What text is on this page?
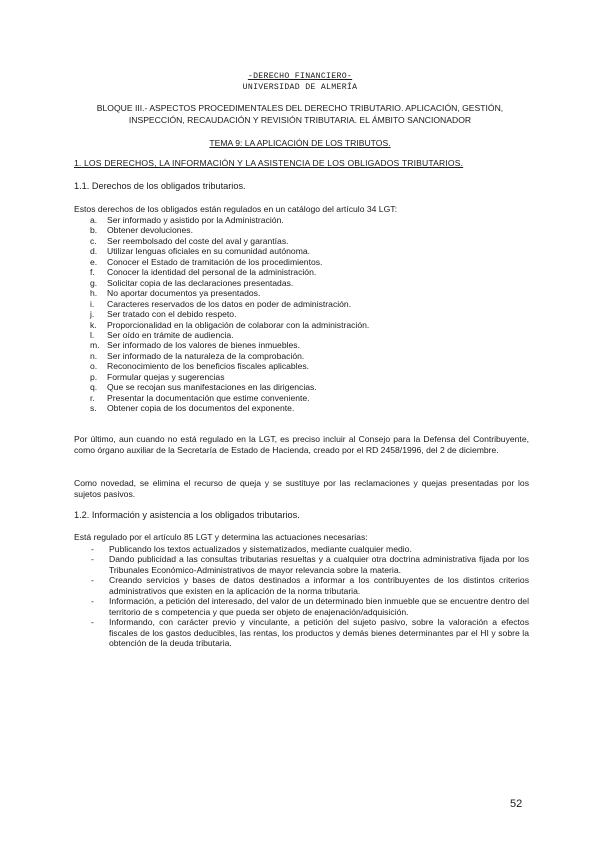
-DERECHO FINANCIERO-
UNIVERSIDAD DE ALMERÍA
BLOQUE III.- ASPECTOS PROCEDIMENTALES DEL DERECHO TRIBUTARIO. APLICACIÓN, GESTIÓN,
INSPECCIÓN, RECAUDACIÓN Y REVISIÓN TRIBUTARIA. EL ÁMBITO SANCIONADOR
TEMA 9: LA APLICACIÓN DE LOS TRIBUTOS.
1. LOS DERECHOS, LA INFORMACIÓN Y LA ASISTENCIA DE LOS OBLIGADOS TRIBUTARIOS.
1.1. Derechos de los obligados tributarios.
Estos derechos de los obligados están regulados en un catálogo del artículo 34 LGT:
a. Ser informado y asistido por la Administración.
b. Obtener devoluciones.
c. Ser reembolsado del coste del aval y garantías.
d. Utilizar lenguas oficiales en su comunidad autónoma.
e. Conocer el Estado de tramitación de los procedimientos.
f. Conocer la identidad del personal de la administración.
g. Solicitar copia de las declaraciones presentadas.
h. No aportar documentos ya presentados.
i. Caracteres reservados de los datos en poder de administración.
j. Ser tratado con el debido respeto.
k. Proporcionalidad en la obligación de colaborar con la administración.
l. Ser oído en trámite de audiencia.
m. Ser informado de los valores de bienes inmuebles.
n. Ser informado de la naturaleza de la comprobación.
o. Reconocimiento de los beneficios fiscales aplicables.
p. Formular quejas y sugerencias
q. Que se recojan sus manifestaciones en las dirigencias.
r. Presentar la documentación que estime conveniente.
s. Obtener copia de los documentos del exponente.
Por último, aun cuando no está regulado en la LGT, es preciso incluir al Consejo para la Defensa del Contribuyente, como órgano auxiliar de la Secretaría de Estado de Hacienda, creado por el RD 2458/1996, del 2 de diciembre.
Como novedad, se elimina el recurso de queja y se sustituye por las reclamaciones y quejas presentadas por los sujetos pasivos.
1.2. Información y asistencia a los obligados tributarios.
Está regulado por el artículo 85 LGT y determina las actuaciones necesarias:
- Publicando los textos actualizados y sistematizados, mediante cualquier medio.
- Dando publicidad a las consultas tributarias resueltas y a cualquier otra doctrina administrativa fijada por los Tribunales Económico-Administrativos de mayor relevancia sobre la materia.
- Creando servicios y bases de datos destinados a informar a los contribuyentes de los distintos criterios administrativos que existen en la aplicación de la norma tributaria.
- Información, a petición del interesado, del valor de un determinado bien inmueble que se encuentre dentro del territorio de s competencia y que pueda ser objeto de enajenación/adquisición.
- Informando, con carácter previo y vinculante, a petición del sujeto pasivo, sobre la valoración a efectos fiscales de los gastos deducibles, las rentas, los productos y demás bienes determinantes par el HI y sobre la obtención de la deuda tributaria.
52
